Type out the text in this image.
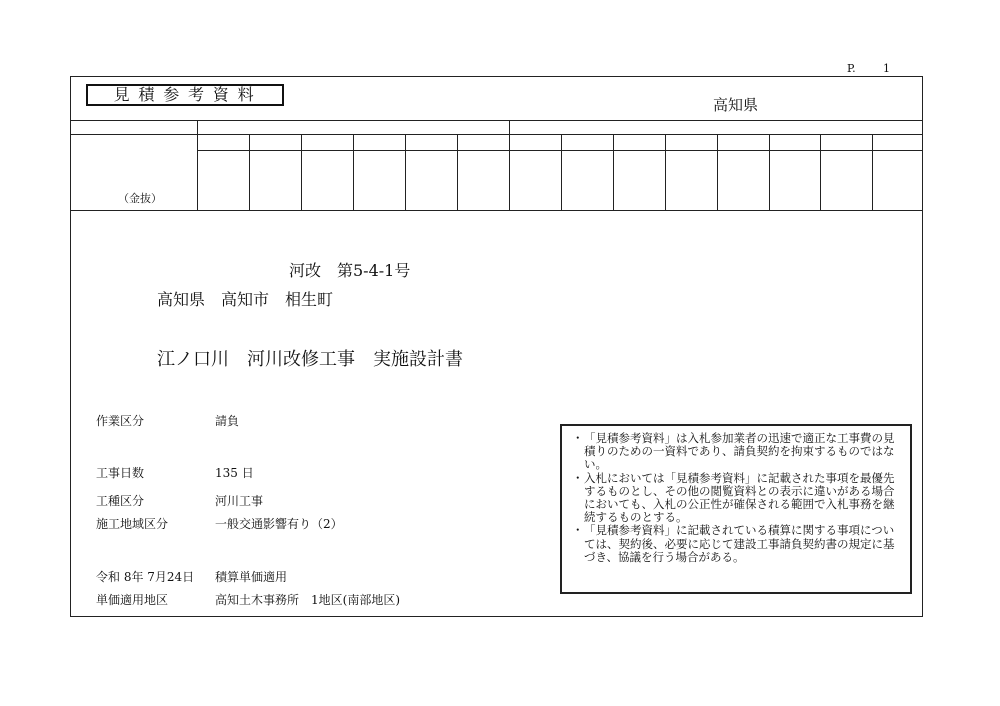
P. 1
見積参考資料
高知県
（金抜）
河改　第5-4-1号
高知県　高知市　相生町
江ノ口川　河川改修工事　実施設計書
作業区分	請負
工事日数	135 日
工種区分	河川工事
施工地域区分	一般交通影響有り（2）
令和 8年 7月24日 積算単価適用
単価適用地区	高知土木事務所　1地区(南部地区)
・ 「見積参考資料」は入札参加業者の迅速で適正な工事費の見積りのための一資料であり、請負契約を拘束するものではない。
・ 入札においては「見積参考資料」に記載された事項を最優先するものとし、その他の閲覧資料との表示に違いがある場合においても、入札の公正性が確保される範囲で入札事務を継続するものとする。
・ 「見積参考資料」に記載されている積算に関する事項については、契約後、必要に応じて建設工事請負契約書の規定に基づき、協議を行う場合がある。
